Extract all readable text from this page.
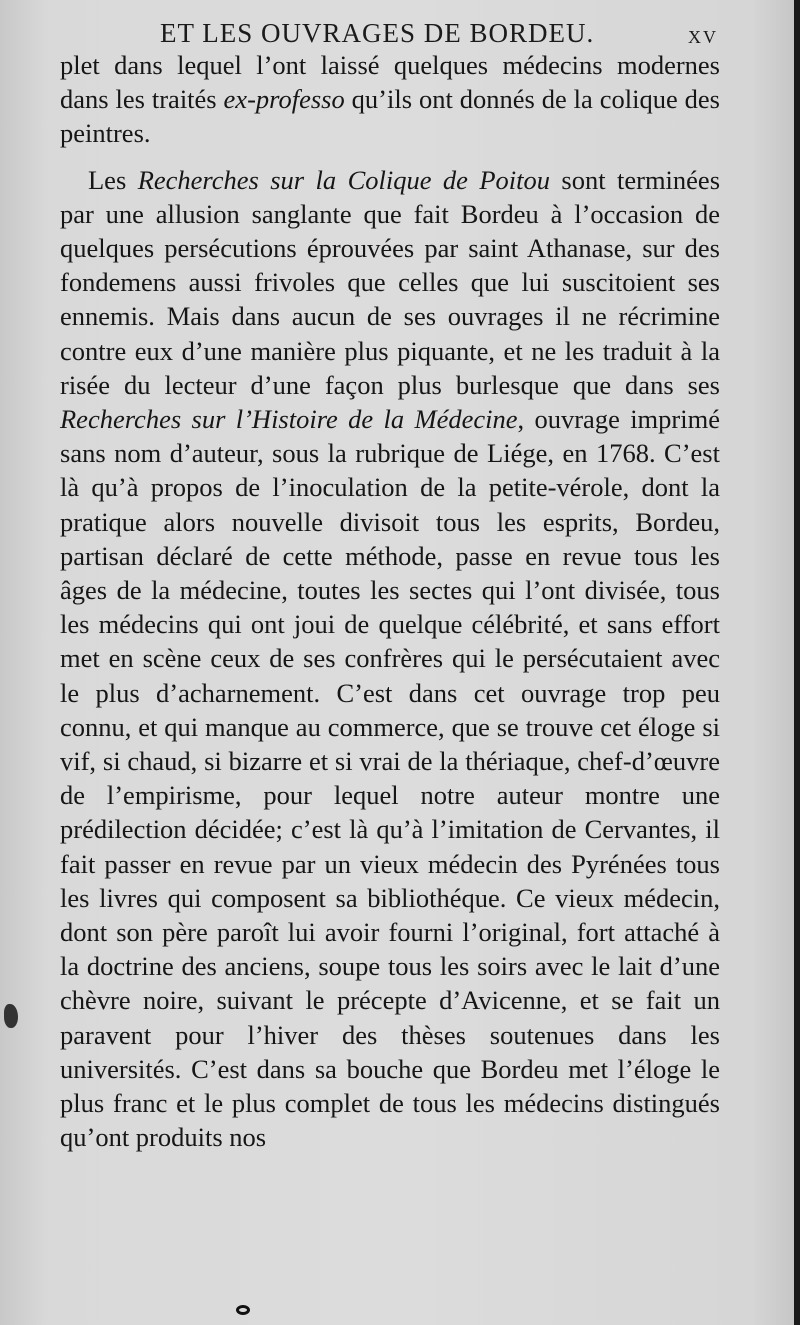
ET LES OUVRAGES DE BORDEU.	xv

plet dans lequel l’ont laissé quelques médecins modernes dans les traités ex-professo qu’ils ont donnés de la colique des peintres.

Les Recherches sur la Colique de Poitou sont terminées par une allusion sanglante que fait Bordeu à l’occasion de quelques persécutions éprouvées par saint Athanase, sur des fondemens aussi frivoles que celles que lui suscitoient ses ennemis. Mais dans aucun de ses ouvrages il ne récrimine contre eux d’une manière plus piquante, et ne les traduit à la risée du lecteur d’une façon plus burlesque que dans ses Recherches sur l’Histoire de la Médecine, ouvrage imprimé sans nom d’auteur, sous la rubrique de Liége, en 1768. C’est là qu’à propos de l’inoculation de la petite-vérole, dont la pratique alors nouvelle divisoit tous les esprits, Bordeu, partisan déclaré de cette méthode, passe en revue tous les âges de la médecine, toutes les sectes qui l’ont divisée, tous les médecins qui ont joui de quelque célébrité, et sans effort met en scène ceux de ses confrères qui le persécutaient avec le plus d’acharnement. C’est dans cet ouvrage trop peu connu, et qui manque au commerce, que se trouve cet éloge si vif, si chaud, si bizarre et si vrai de la thériaque, chef-d’œuvre de l’empirisme, pour lequel notre auteur montre une prédilection décidée; c’est là qu’à l’imitation de Cervantes, il fait passer en revue par un vieux médecin des Pyrénées tous les livres qui composent sa bibliothéque. Ce vieux médecin, dont son père paroît lui avoir fourni l’original, fort attaché à la doctrine des anciens, soupe tous les soirs avec le lait d’une chèvre noire, suivant le précepte d’Avicenne, et se fait un paravent pour l’hiver des thèses soutenues dans les universités. C’est dans sa bouche que Bordeu met l’éloge le plus franc et le plus complet de tous les médecins distingués qu’ont produits nos
